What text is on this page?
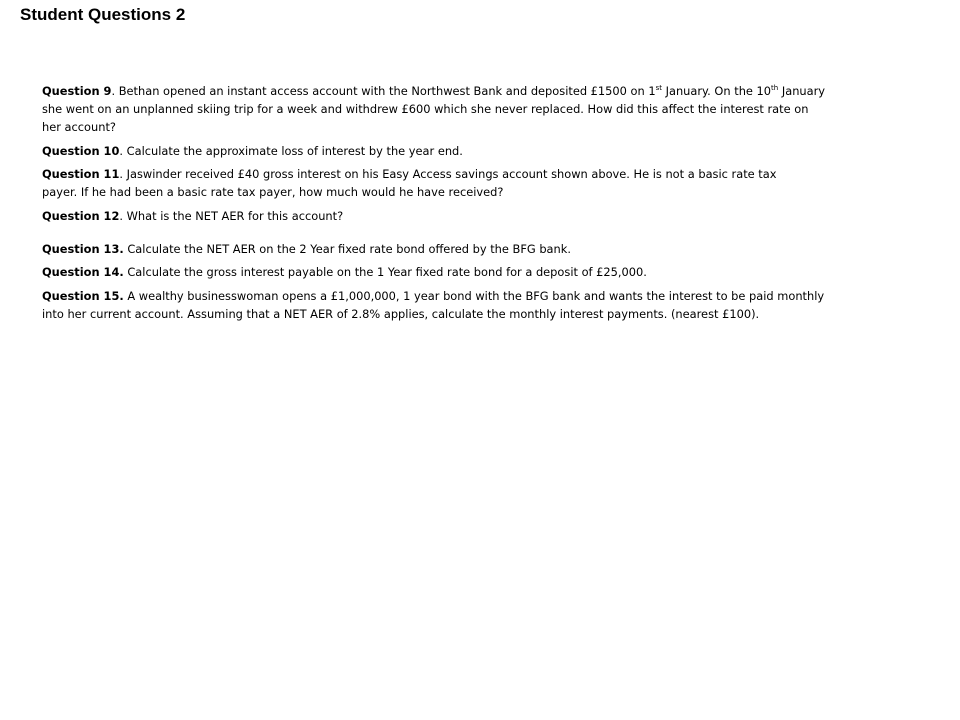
Student Questions 2
Question 9. Bethan opened an instant access account with the Northwest Bank and deposited £1500 on 1st January. On the 10th January
she went on an unplanned skiing trip for a week and withdrew £600 which she never replaced. How did this affect the interest rate on
her account?
Question 10. Calculate the approximate loss of interest by the year end.
Question 11. Jaswinder received £40 gross interest on his Easy Access savings account shown above. He is not a basic rate tax
payer. If he had been a basic rate tax payer, how much would he have received?
Question 12. What is the NET AER for this account?
Question 13. Calculate the NET AER on the 2 Year fixed rate bond offered by the BFG bank.
Question 14. Calculate the gross interest payable on the 1 Year fixed rate bond for a deposit of £25,000.
Question 15. A wealthy businesswoman opens a £1,000,000, 1 year bond with the BFG bank and wants the interest to be paid monthly
into her current account. Assuming that a NET AER of 2.8% applies, calculate the monthly interest payments. (nearest £100).
